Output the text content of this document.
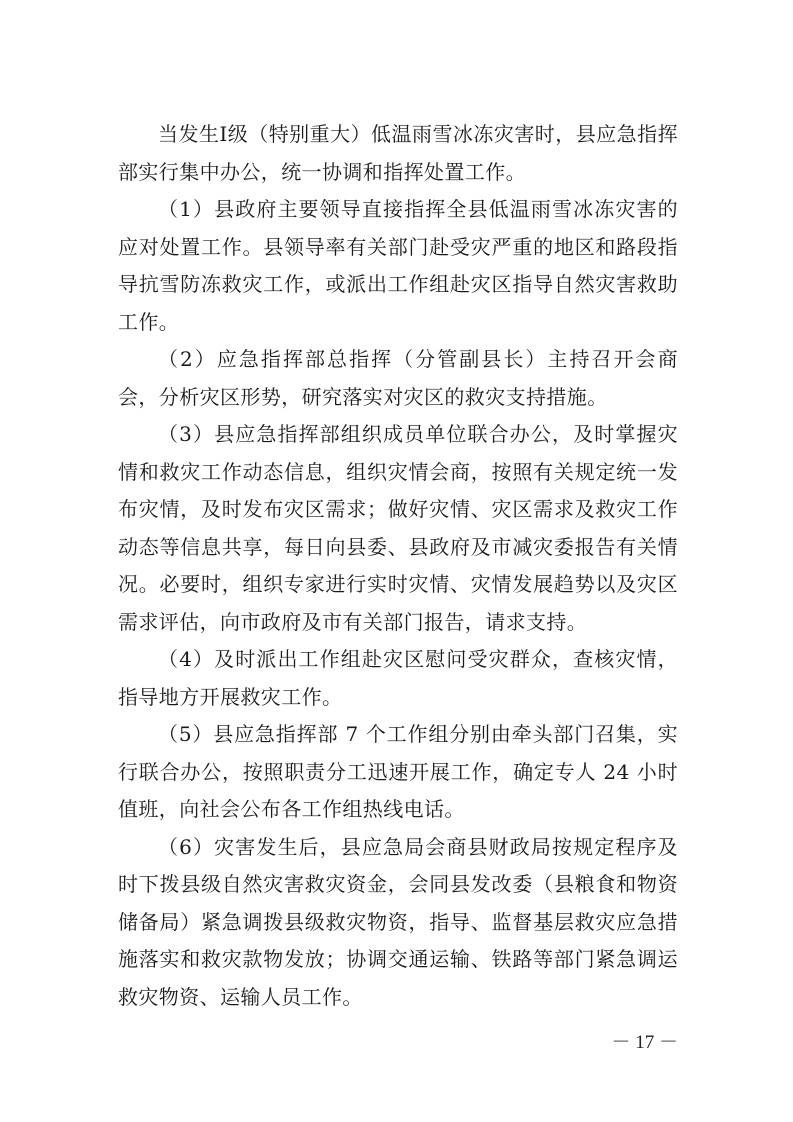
当发生Ⅰ级（特别重大）低温雨雪冰冻灾害时，县应急指挥部实行集中办公，统一协调和指挥处置工作。

（1）县政府主要领导直接指挥全县低温雨雪冰冻灾害的应对处置工作。县领导率有关部门赴受灾严重的地区和路段指导抗雪防冻救灾工作，或派出工作组赴灾区指导自然灾害救助工作。

（2）应急指挥部总指挥（分管副县长）主持召开会商会，分析灾区形势，研究落实对灾区的救灾支持措施。

（3）县应急指挥部组织成员单位联合办公，及时掌握灾情和救灾工作动态信息，组织灾情会商，按照有关规定统一发布灾情，及时发布灾区需求；做好灾情、灾区需求及救灾工作动态等信息共享，每日向县委、县政府及市减灾委报告有关情况。必要时，组织专家进行实时灾情、灾情发展趋势以及灾区需求评估，向市政府及市有关部门报告，请求支持。

（4）及时派出工作组赴灾区慰问受灾群众，查核灾情，指导地方开展救灾工作。

（5）县应急指挥部 7 个工作组分别由牵头部门召集，实行联合办公，按照职责分工迅速开展工作，确定专人 24 小时值班，向社会公布各工作组热线电话。

（6）灾害发生后，县应急局会商县财政局按规定程序及时下拨县级自然灾害救灾资金，会同县发改委（县粮食和物资储备局）紧急调拨县级救灾物资，指导、监督基层救灾应急措施落实和救灾款物发放；协调交通运输、铁路等部门紧急调运救灾物资、运输人员工作。

－ 17 －
